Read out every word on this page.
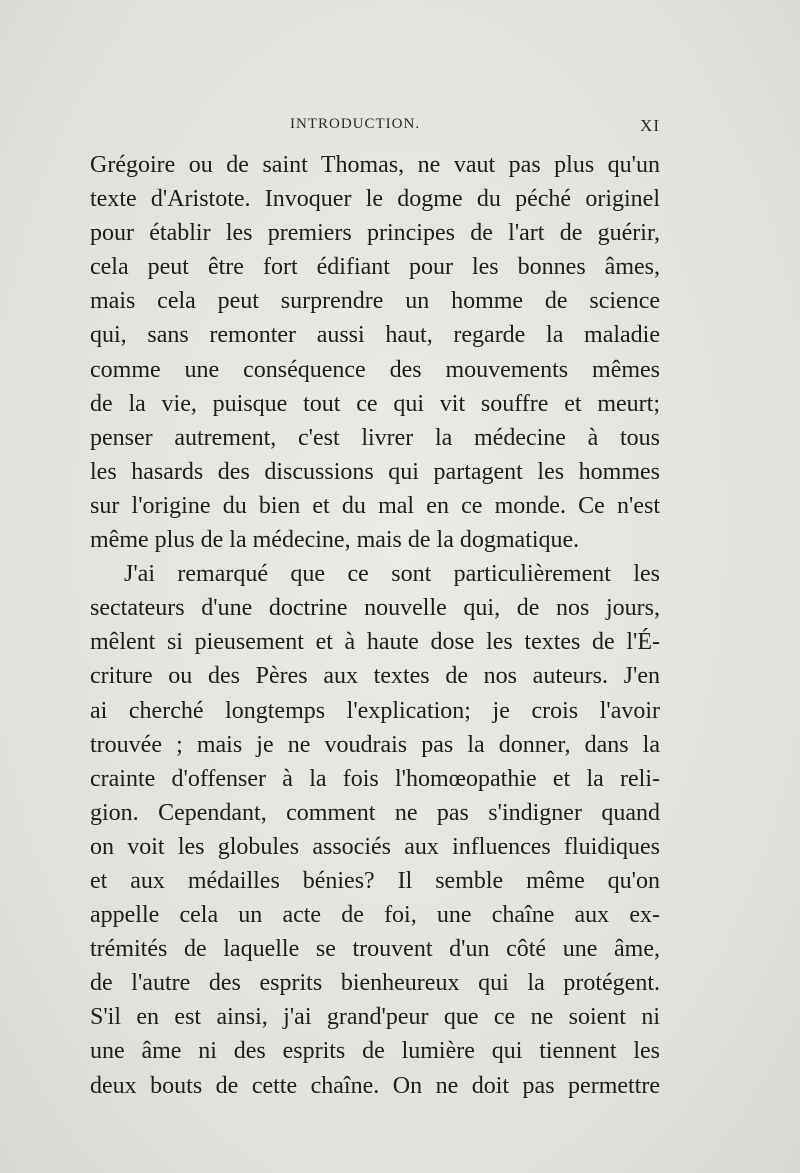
INTRODUCTION.	XI
Grégoire ou de saint Thomas, ne vaut pas plus qu'un
texte d'Aristote. Invoquer le dogme du péché originel
pour établir les premiers principes de l'art de guérir,
cela peut être fort édifiant pour les bonnes âmes,
mais cela peut surprendre un homme de science
qui, sans remonter aussi haut, regarde la maladie
comme une conséquence des mouvements mêmes
de la vie, puisque tout ce qui vit souffre et meurt;
penser autrement, c'est livrer la médecine à tous
les hasards des discussions qui partagent les hommes
sur l'origine du bien et du mal en ce monde. Ce n'est
même plus de la médecine, mais de la dogmatique.
J'ai remarqué que ce sont particulièrement les
sectateurs d'une doctrine nouvelle qui, de nos jours,
mêlent si pieusement et à haute dose les textes de l'É-
criture ou des Pères aux textes de nos auteurs. J'en
ai cherché longtemps l'explication; je crois l'avoir
trouvée ; mais je ne voudrais pas la donner, dans la
crainte d'offenser à la fois l'homœopathie et la reli-
gion. Cependant, comment ne pas s'indigner quand
on voit les globules associés aux influences fluidiques
et aux médailles bénies? Il semble même qu'on
appelle cela un acte de foi, une chaîne aux ex-
trémités de laquelle se trouvent d'un côté une âme,
de l'autre des esprits bienheureux qui la protégent.
S'il en est ainsi, j'ai grand'peur que ce ne soient ni
une âme ni des esprits de lumière qui tiennent les
deux bouts de cette chaîne. On ne doit pas permettre
